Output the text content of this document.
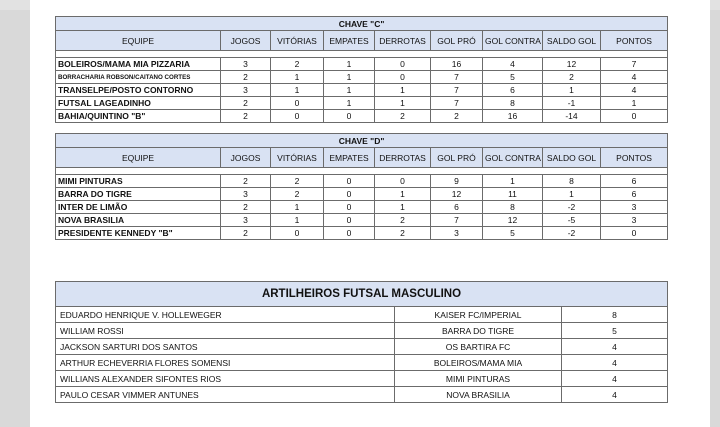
CHAVE "C"								
EQUIPE	JOGOS	VITÓRIAS	EMPATES	DERROTAS	GOL PRÓ	GOL CONTRA	SALDO GOL	PONTOS

BOLEIROS/MAMA MIA PIZZARIA	3	2	1	0	16	4	12	7
BORRACHARIA ROBSON/CAITANO CORTES	2	1	1	0	7	5	2	4
TRANSELPE/POSTO CONTORNO	3	1	1	1	7	6	1	4
FUTSAL LAGEADINHO	2	0	1	1	7	8	-1	1
BAHIA/QUINTINO "B"	2	0	0	2	2	16	-14	0
CHAVE "D"								
EQUIPE	JOGOS	VITÓRIAS	EMPATES	DERROTAS	GOL PRÓ	GOL CONTRA	SALDO GOL	PONTOS

MIMI PINTURAS	2	2	0	0	9	1	8	6
BARRA DO TIGRE	3	2	0	1	12	11	1	6
INTER DE LIMÃO	2	1	0	1	6	8	-2	3
NOVA BRASILIA	3	1	0	2	7	12	-5	3
PRESIDENTE KENNEDY "B"	2	0	0	2	3	5	-2	0
ARTILHEIROS FUTSAL MASCULINO		
EDUARDO HENRIQUE V. HOLLEWEGER	KAISER FC/IMPERIAL	8
WILLIAM ROSSI	BARRA DO TIGRE	5
JACKSON SARTURI DOS SANTOS	OS BARTIRA FC	4
ARTHUR ECHEVERRIA FLORES SOMENSI	BOLEIROS/MAMA MIA	4
WILLIANS ALEXANDER SIFONTES RIOS	MIMI PINTURAS	4
PAULO CESAR VIMMER ANTUNES	NOVA BRASILIA	4
